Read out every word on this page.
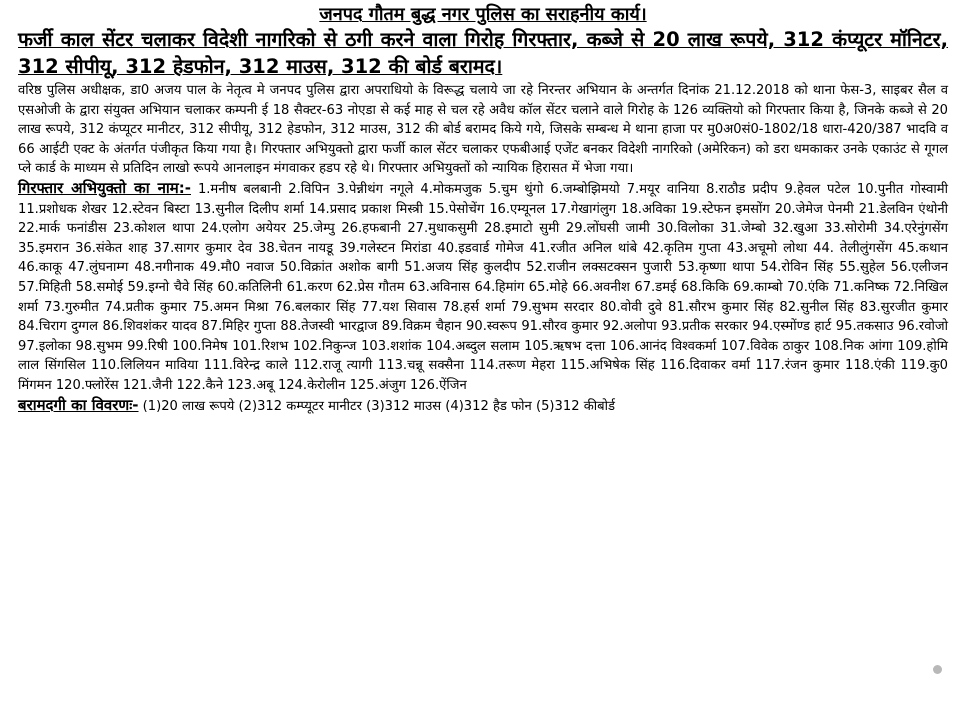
जनपद गौतम बुद्ध नगर पुलिस का सराहनीय कार्य।
फर्जी काल सेंटर चलाकर विदेशी नागरिको से ठगी करने वाला गिरोह गिरफ्तार, कब्जे से 20 लाख रूपये, 312 कंप्यूटर मॉनिटर, 312 सीपीयू, 312 हेडफोन, 312 माउस, 312 की बोर्ड बरामद।

वरिष्ठ पुलिस अधीक्षक, डा0 अजय पाल के नेतृत्व मे जनपद पुलिस द्वारा अपराधियो के विरूद्ध चलाये जा रहे निरन्तर अभियान के अन्तर्गत दिनांक 21.12.2018 को थाना फेस-3, साइबर सैल व एसओजी के द्वारा संयुक्त अभियान चलाकर कम्पनी ई 18 सैक्टर-63 नोएडा से कई माह से चल रहे अवैध कॉल सेंटर चलाने वाले गिरोह के 126 व्यक्तियो को गिरफ्तार किया है, जिनके कब्जे से 20 लाख रूपये, 312 कंप्यूटर मानीटर, 312 सीपीयू, 312 हेडफोन, 312 माउस, 312 की बोर्ड बरामद किये गये, जिसके सम्बन्ध मे थाना हाजा पर मु0अ0सं0-1802/18 धारा-420/387 भादवि व 66 आईटी एक्ट के अंतर्गत पंजीकृत किया गया है। गिरफ्तार अभियुक्तो द्वारा फर्जी काल सेंटर चलाकर एफबीआई एजेंट बनकर विदेशी नागरिको (अमेरिकन) को डरा धमकाकर उनके एकाउंट से गूगल प्ले कार्ड के माध्यम से प्रतिदिन लाखो रूपये आनलाइन मंगवाकर हडप रहे थे। गिरफ्तार अभियुक्तों को न्यायिक हिरासत में भेजा गया।

गिरफ्तार अभियुक्तो का नाम:- 1.मनीष बलबानी 2.विपिन 3.पेन्नीथंग नगूले 4.मोकमजुक 5.चुम थुंगो 6.जम्बोझिमयो 7.मयूर वानिया 8.राठौड प्रदीप 9.हेवल पटेल 10.पुनीत गोस्वामी 11.प्रशोधक शेखर 12.स्टेवन बिस्टा 13.सुनील दिलीप शर्मा 14.प्रसाद प्रकाश मिस्त्री 15.पेसोचेंग 16.एम्यूनल 17.गेखागंलुग 18.अविका 19.स्टेफन इमसोंग 20.जेमेज पेनमी 21.डेलविन एंथोनी 22.मार्क फनांडीस 23.कोशल थापा 24.एलोग अयेयर 25.जेम्पु 26.हफबानी 27.मुधाकसुमी 28.इमाटो सुमी 29.लोंघसी जामी 30.विलोका 31.जेम्बो 32.खुआ 33.सोरोमी 34.एरेनुंगसेंग 35.इमरान 36.संकेत शाह 37.सागर कुमार देव 38.चेतन नायडू 39.गलेस्टन मिरांडा 40.इडवार्ड गोमेज 41.रजीत अनिल थांबे 42.कृतिम गुप्ता 43.अचूमो लोथा 44. तेलीलुंगसेंग 45.कथान 46.काकू 47.लुंघनाम्ग 48.नगीनाक 49.मौ0 नवाज 50.विक्रांत अशोक बागी 51.अजय सिंह कुलदीप 52.राजीन लक्सटक्सन पुजारी 53.कृष्णा थापा 54.रोविन सिंह 55.सुहेल 56.एलीजन 57.मिहिती 58.समोई 59.इग्नो चैवे सिंह 60.कतिलिनी 61.करण 62.प्रेस गौतम 63.अविनास 64.हिमांग 65.मोहे 66.अवनीश 67.डमई 68.किकि 69.काम्बो 70.एंकि 71.कनिष्क 72.निखिल शर्मा 73.गुरुमीत 74.प्रतीक कुमार 75.अमन मिश्रा 76.बलकार सिंह 77.यश सिवास 78.हर्स शर्मा 79.सुभम सरदार 80.वोवी दुवे 81.सौरभ कुमार सिंह 82.सुनील सिंह 83.सुरजीत कुमार 84.चिराग दुग्गल 86.शिवशंकर यादव 87.मिहिर गुप्ता 88.तेजस्वी भारद्वाज 89.विक्रम चैहान 90.स्वरूप 91.सौरव कुमार 92.अलोपा 93.प्रतीक सरकार 94.एस्मोंण्ड हार्ट 95.तकसाउ 96.रवोजो 97.इलोका 98.सुभम 99.रिषी 100.निमेष 101.रिशभ 102.निकुन्ज 103.शशांक 104.अब्दुल सलाम 105.ऋषभ दत्ता 106.आनंद विश्वकर्मा 107.विवेक ठाकुर 108.निक आंगा 109.होमि लाल सिंगसिल 110.लिलियन माविया 111.विरेन्द्र काले 112.राजू त्यागी 113.चन्नू सक्सैना 114.तरूण मेहरा 115.अभिषेक सिंह 116.दिवाकर वर्मा 117.रंजन कुमार 118.एंकी 119.कु0 मिंगमन 120.फ्लोरेंस 121.जैनी 122.कैने 123.अबू 124.केरोलीन 125.अंजुग 126.ऐंजिन

बरामदगी का विवरणः- (1)20 लाख रूपये (2)312 कम्प्यूटर मानीटर (3)312 माउस (4)312 हैड फोन (5)312 कीबोर्ड
